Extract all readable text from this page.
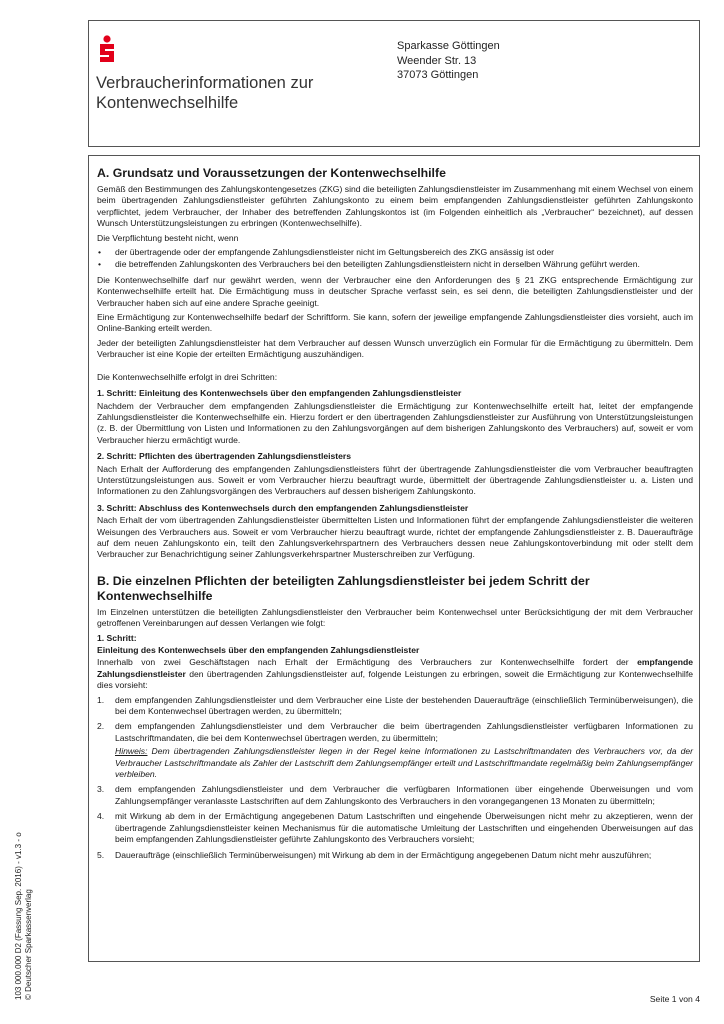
Verbraucherinformationen zur
Kontenwechselhilfe
Sparkasse Göttingen
Weender Str. 13
37073 Göttingen
A. Grundsatz und Voraussetzungen der Kontenwechselhilfe

Gemäß den Bestimmungen des Zahlungskontengesetzes (ZKG) sind die beteiligten Zahlungsdienstleister im Zusammenhang mit einem Wechsel von einem beim übertragenden Zahlungsdienstleister geführten Zahlungskonto zu einem beim empfangenden Zahlungsdienstleister geführten Zahlungskonto verpflichtet, jedem Verbraucher, der Inhaber des betreffenden Zahlungskontos ist (im Folgenden einheitlich als „Verbraucher“ bezeichnet), auf dessen Wunsch Unterstützungsleistungen zu erbringen (Kontenwechselhilfe).

Die Verpflichtung besteht nicht, wenn

• der übertragende oder der empfangende Zahlungsdienstleister nicht im Geltungsbereich des ZKG ansässig ist oder
• die betreffenden Zahlungskonten des Verbrauchers bei den beteiligten Zahlungsdienstleistern nicht in derselben Währung geführt werden.

Die Kontenwechselhilfe darf nur gewährt werden, wenn der Verbraucher eine den Anforderungen des § 21 ZKG entsprechende Ermächtigung zur Kontenwechselhilfe erteilt hat. Die Ermächtigung muss in deutscher Sprache verfasst sein, es sei denn, die beteiligten Zahlungsdienstleister und der Verbraucher haben sich auf eine andere Sprache geeinigt.

Eine Ermächtigung zur Kontenwechselhilfe bedarf der Schriftform. Sie kann, sofern der jeweilige empfangende Zahlungsdienstleister dies vorsieht, auch im Online-Banking erteilt werden.

Jeder der beteiligten Zahlungsdienstleister hat dem Verbraucher auf dessen Wunsch unverzüglich ein Formular für die Ermächtigung zu übermitteln. Dem Verbraucher ist eine Kopie der erteilten Ermächtigung auszuhändigen.

Die Kontenwechselhilfe erfolgt in drei Schritten:

1. Schritt: Einleitung des Kontenwechsels über den empfangenden Zahlungsdienstleister

Nachdem der Verbraucher dem empfangenden Zahlungsdienstleister die Ermächtigung zur Kontenwechselhilfe erteilt hat, leitet der empfangende Zahlungsdienstleister die Kontenwechselhilfe ein. Hierzu fordert er den übertragenden Zahlungsdienstleister zur Ausführung von Unterstützungsleistungen (z. B. der Übermittlung von Listen und Informationen zu den Zahlungsvorgängen auf dem bisherigen Zahlungskonto des Verbrauchers) auf, soweit er vom Verbraucher hierzu ermächtigt wurde.

2. Schritt: Pflichten des übertragenden Zahlungsdienstleisters

Nach Erhalt der Aufforderung des empfangenden Zahlungsdienstleisters führt der übertragende Zahlungsdienstleister die vom Verbraucher beauftragten Unterstützungsleistungen aus. Soweit er vom Verbraucher hierzu beauftragt wurde, übermittelt der übertragende Zahlungsdienstleister u. a. Listen und Informationen zu den Zahlungsvorgängen des Verbrauchers auf dessen bisherigem Zahlungskonto.

3. Schritt: Abschluss des Kontenwechsels durch den empfangenden Zahlungsdienstleister

Nach Erhalt der vom übertragenden Zahlungsdienstleister übermittelten Listen und Informationen führt der empfangende Zahlungsdienstleister die weiteren Weisungen des Verbrauchers aus. Soweit er vom Verbraucher hierzu beauftragt wurde, richtet der empfangende Zahlungsdienstleister z. B. Daueraufträge auf dem neuen Zahlungskonto ein, teilt den Zahlungsverkehrspartnern des Verbrauchers dessen neue Zahlungskontoverbindung mit oder stellt dem Verbraucher zur Benachrichtigung seiner Zahlungsverkehrspartner Musterschreiben zur Verfügung.

B. Die einzelnen Pflichten der beteiligten Zahlungsdienstleister bei jedem Schritt der Kontenwechselhilfe

Im Einzelnen unterstützen die beteiligten Zahlungsdienstleister den Verbraucher beim Kontenwechsel unter Berücksichtigung der mit dem Verbraucher getroffenen Vereinbarungen auf dessen Verlangen wie folgt:

1. Schritt:
Einleitung des Kontenwechsels über den empfangenden Zahlungsdienstleister

Innerhalb von zwei Geschäftstagen nach Erhalt der Ermächtigung des Verbrauchers zur Kontenwechselhilfe fordert der empfangende Zahlungsdienstleister den übertragenden Zahlungsdienstleister auf, folgende Leistungen zu erbringen, soweit die Ermächtigung zur Kontenwechselhilfe dies vorsieht:

1. dem empfangenden Zahlungsdienstleister und dem Verbraucher eine Liste der bestehenden Daueraufträge (einschließlich Terminüberweisungen), die bei dem Kontenwechsel übertragen werden, zu übermitteln;
2. dem empfangenden Zahlungsdienstleister und dem Verbraucher die beim übertragenden Zahlungsdienstleister verfügbaren Informationen zu Lastschriftmandaten, die bei dem Kontenwechsel übertragen werden, zu übermitteln;
Hinweis: Dem übertragenden Zahlungsdienstleister liegen in der Regel keine Informationen zu Lastschriftmandaten des Verbrauchers vor, da der Verbraucher Lastschriftmandate als Zahler der Lastschrift dem Zahlungsempfänger erteilt und Lastschriftmandate regelmäßig beim Zahlungsempfänger verbleiben.
3. dem empfangenden Zahlungsdienstleister und dem Verbraucher die verfügbaren Informationen über eingehende Überweisungen und vom Zahlungsempfänger veranlasste Lastschriften auf dem Zahlungskonto des Verbrauchers in den vorangegangenen 13 Monaten zu übermitteln;
4. mit Wirkung ab dem in der Ermächtigung angegebenen Datum Lastschriften und eingehende Überweisungen nicht mehr zu akzeptieren, wenn der übertragende Zahlungsdienstleister keinen Mechanismus für die automatische Umleitung der Lastschriften und eingehenden Überweisungen auf das beim empfangenden Zahlungsdienstleister geführte Zahlungskonto des Verbrauchers vorsieht;
5. Daueraufträge (einschließlich Terminüberweisungen) mit Wirkung ab dem in der Ermächtigung angegebenen Datum nicht mehr auszuführen;
103 000.000 D2 (Fassung Sep. 2016) - v1.3 - o © Deutscher Sparkassenverlag	Seite 1 von 4
